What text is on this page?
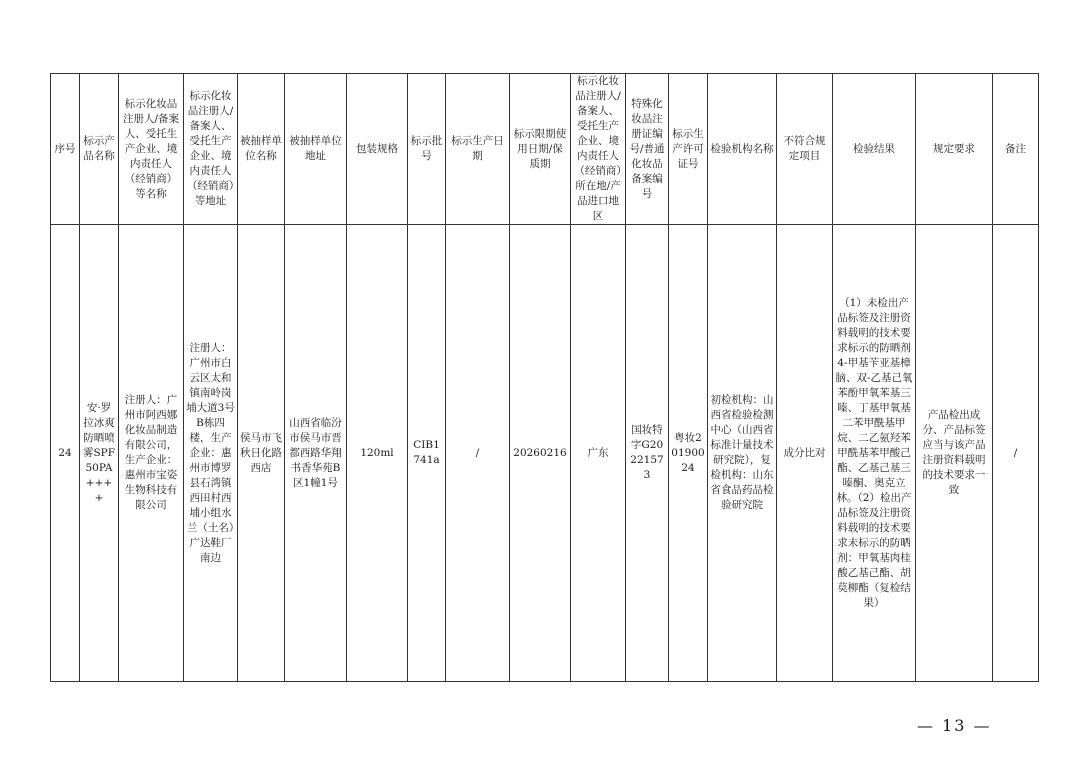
序号	标示产品名称	标示化妆品注册人/备案人、受托生产企业、境内责任人（经销商）等名称	标示化妆品注册人/备案人、受托生产企业、境内责任人（经销商）等地址	被抽样单位名称	被抽样单位地址	包装规格	标示批号	标示生产日期	标示限期使用日期/保质期	标示化妆品注册人/备案人、受托生产企业、境内责任人（经销商）所在地/产品进口地区	特殊化妆品注册证编号/普通化妆品备案编号	标示生产许可证号	检验机构名称	不符合规定项目	检验结果	规定要求	备注
24	安·罗拉冰爽防晒喷雾SPF50PA++++	注册人：广州市阿西娜化妆品制造有限公司，生产企业：惠州市宝姿生物科技有限公司	注册人：广州市白云区太和镇南岭岗埔大道3号B栋四楼，生产企业：惠州市博罗县石湾镇西田村西埔小组水兰（土名）广达鞋厂南边	侯马市飞秋日化路西店	山西省临汾市侯马市晋都西路华翔书香华苑B区1幢1号	120ml	CIB1741a	/	20260216	广东	国妆特字G20221573	粤妆20190024	初检机构：山西省检验检测中心（山西省标准计量技术研究院），复检机构：山东省食品药品检验研究院	成分比对	（1）未检出产品标签及注册资料载明的技术要求标示的防晒剂4-甲基苄亚基樟脑、双-乙基己氧苯酚甲氧苯基三嗪、丁基甲氧基二苯甲酰基甲烷、二乙氨羟苯甲酰基苯甲酸己酯、乙基己基三嗪酮、奥克立林。（2）检出产品标签及注册资料载明的技术要求未标示的防晒剂：甲氧基肉桂酸乙基己酯、胡莫柳酯（复检结果）	产品检出成分、产品标签应当与该产品注册资料载明的技术要求一致	/
— 13 —
